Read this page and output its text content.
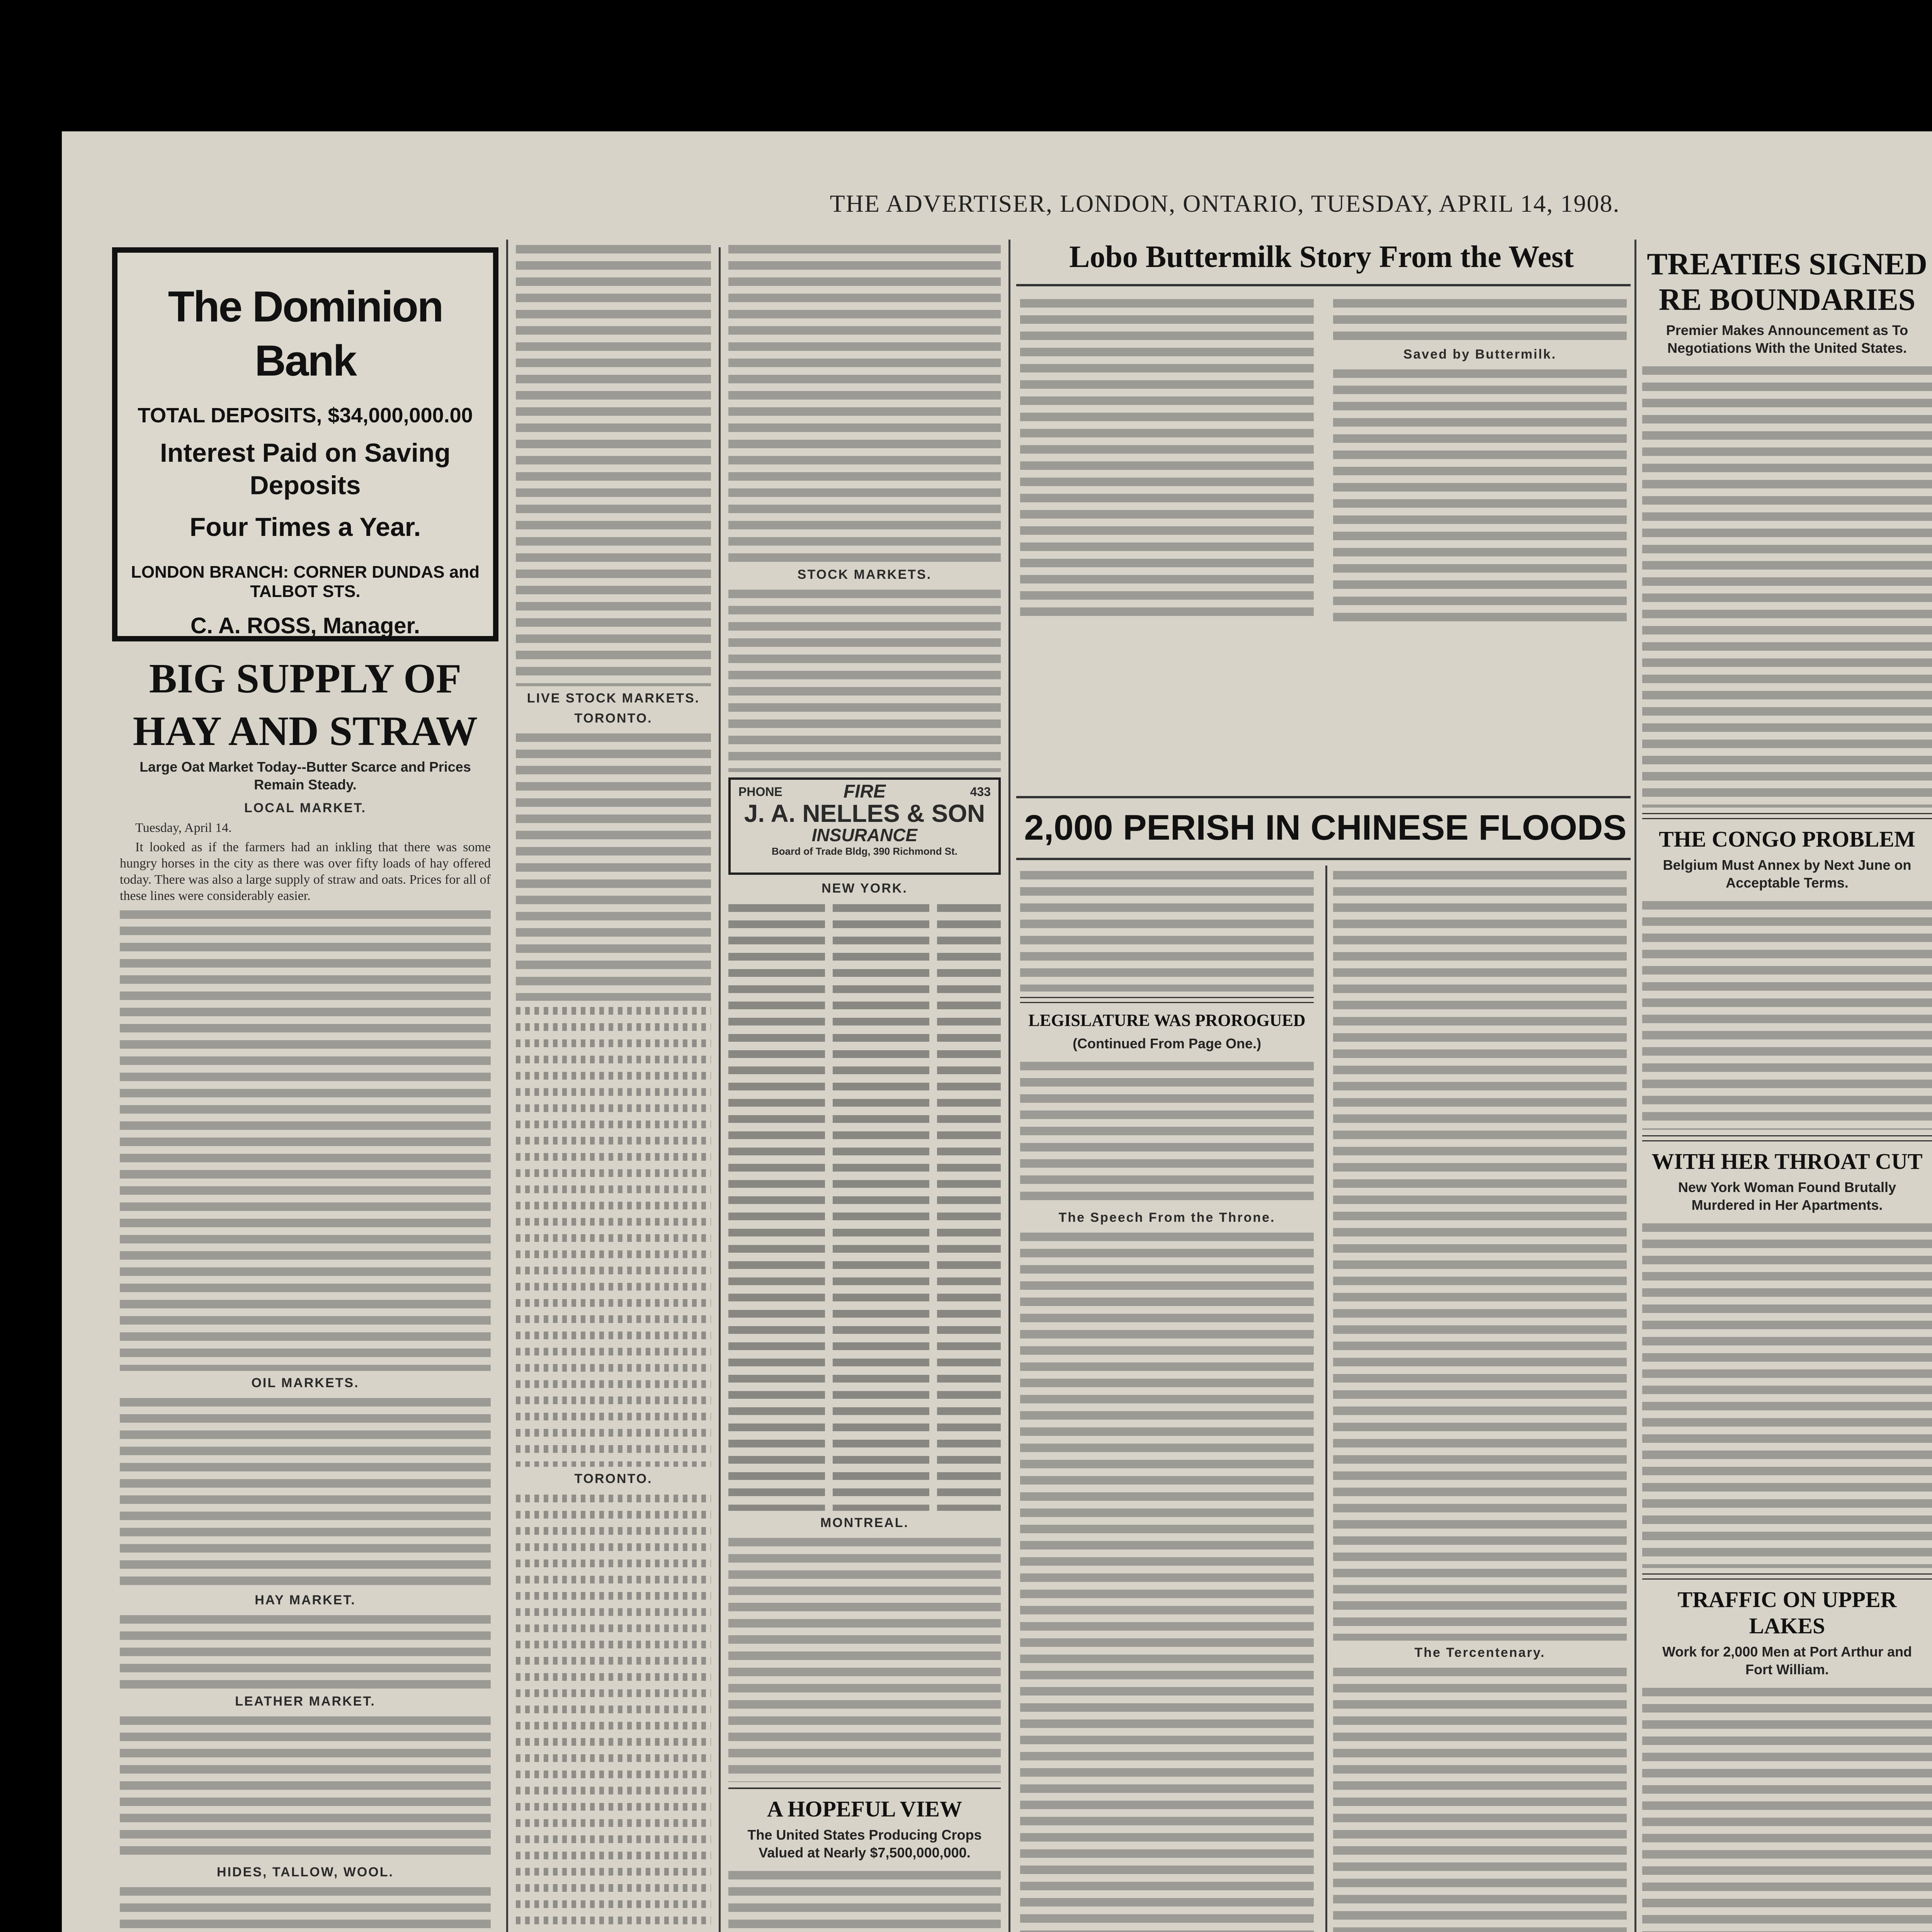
THE ADVERTISER, LONDON, ONTARIO, TUESDAY, APRIL 14, 1908.
The Dominion Bank
TOTAL DEPOSITS, $34,000,000.00
Interest Paid on Saving Deposits
Four Times a Year.
LONDON BRANCH: CORNER DUNDAS and TALBOT STS.
C. A. ROSS, Manager.
BIG SUPPLY OF
HAY AND STRAW
Large Oat Market Today--Butter Scarce and Prices Remain Steady.
LOCAL MARKET.
Tuesday, April 14.
It looked as if the farmers had an inkling that there was some hungry horses in the city as there was over fifty loads of hay offered today. There was also a large supply of straw and oats. Prices for all of these lines were considerably easier.
OIL MARKETS.
HAY MARKET.
LEATHER MARKET.
HIDES, TALLOW, WOOL.
LIVE STOCK MARKETS.
TORONTO.
TORONTO.
STOCK MARKETS.
PHONE	433
FIRE
J. A. NELLES & SON
INSURANCE
Board of Trade Bldg, 390 Richmond St.
NEW YORK.
MONTREAL.
A HOPEFUL VIEW
The United States Producing Crops Valued at Nearly $7,500,000,000.
Lobo Buttermilk Story From the West
Saved by Buttermilk.
2,000 PERISH IN CHINESE FLOODS
LEGISLATURE WAS PROROGUED
(Continued From Page One.)
The Speech From the Throne.
The Tercentenary.
TREATIES SIGNED RE BOUNDARIES
Premier Makes Announcement as To Negotiations With the United States.
THE CONGO PROBLEM
Belgium Must Annex by Next June on Acceptable Terms.
WITH HER THROAT CUT
New York Woman Found Brutally Murdered in Her Apartments.
TRAFFIC ON UPPER LAKES
Work for 2,000 Men at Port Arthur and Fort William.
